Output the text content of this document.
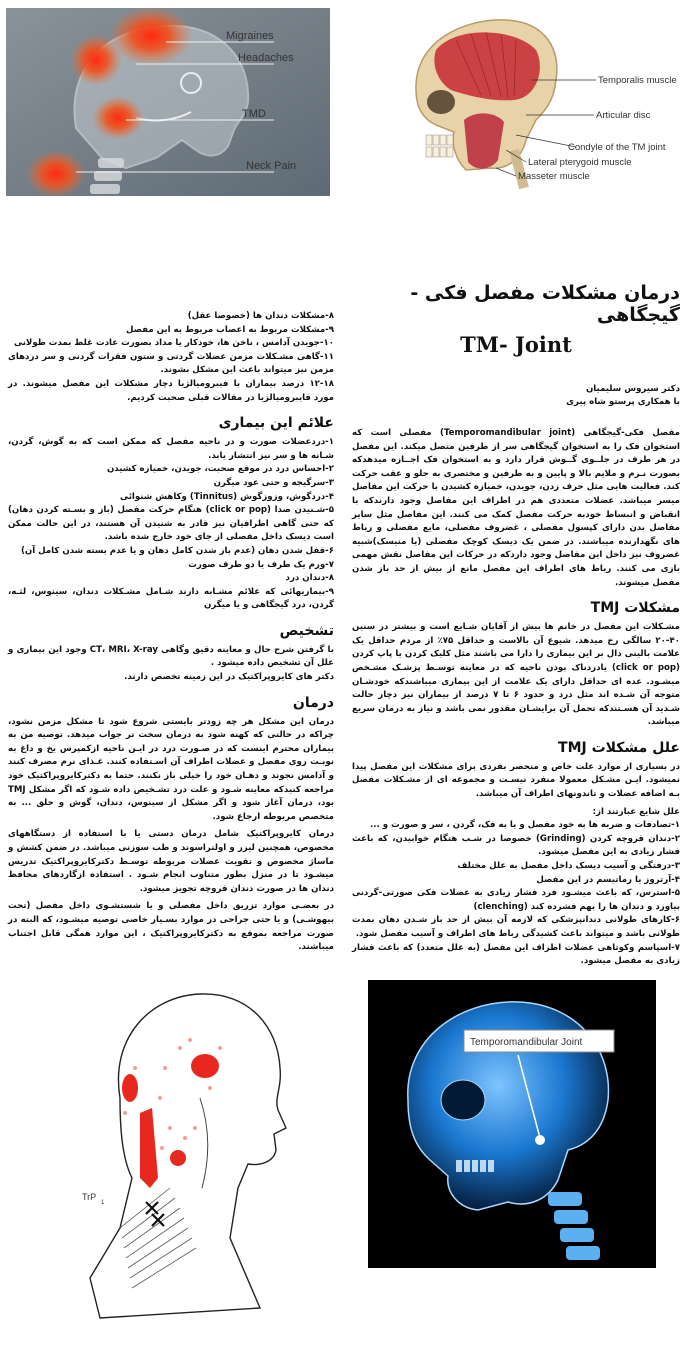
Migraines
Headaches
TMD
Neck Pain
Temporalis muscle
Articular disc
Condyle of the TM joint
Lateral pterygoid muscle
Masseter muscle
درمان مشکلات مفصل فکی - گیجگاهی
TM- Joint
دکتر سیروس سلیمیان
با همکاری پرستو شاه پیری

مفصل فکی-گیجگاهی (Temporomandibular joint) مفصلی است که استخوان فک را به استخوان گیجگاهی سر از طرفین متصل میکند. این مفصل در هر طرف در جلــوی گــوش قرار دارد و به استخوان فک اجــازه میدهدکه بصورت نـرم و ملایم بالا و پایین و به طرفین و مختصری به جلو و عقب حرکت کند. فعالیت هایی مثل حرف زدن، جویدن، خمیازه کشیدن با حرکت این مفاصل میسر میباشد. عضلات متعددی هم در اطراف این مفاصل وجود دارندکه با انقباض و انبساط خودبه حرکت مفصل کمک می کنند. این مفاصل مثل سایر مفاصل بدن دارای کپسول مفصلی ، غضروف مفصلی، مایع مفصلی و رباط های نگهدارنده میباشند. در ضمن یک دیسک کوچک مفصلی (یا منیسک)شبیه غضروف نیز داخل این مفاصل وجود داردکه در حرکات این مفاصل نقش مهمی بازی می کنند. رباط های اطراف این مفصل مانع از بیش از حد باز شدن مفصل میشوند.

مشکلات TMJ

مشـکلات این مفصل در خانم ها بیش از آقایان شـایع است و بیشتر در سنین ۴۰-۲۰ سالگی رخ میدهد. شیوع آن بالاست و حداقل ۷۵٪ از مردم حداقل یک علامت بالینی دال بر این بیماری را دارا می باشند مثل کلیک کردن یا پاپ کردن (click or pop) یادردناک بودن ناحیه که در معاینه توسـط پزشـک مشـخص میشـود. عده ای حداقل دارای یک علامت از این بیماری میباشندکه خودشـان متوجه آن شـده اند مثل درد و حدود ۶ تا ۷ درصد از بیماران نیز دچار حالت شـدید آن هسـتندکه تحمل آن برایشـان مقدور نمی باشد و نیاز به درمان سریع میباشد.

علل مشکلات TMJ

در بسیاری از موارد علت خاص و منحصر بفردی برای مشکلات این مفصل پیدا نمیشود. ایـن مشـکل معمولا منفرد نیسـت و مجموعه ای از مشـکلات مفصل بـه اضافه عضلات و تاندونهای اطراف آن میباشد.

علل شایع عبارتند از:
۱-تصادفات و ضربه ها به خود مفصل و یا به فک، گردن ، سر و صورت و ...
۲-دندان قروچه کردن (Grinding) خصوصا در شـب هنگام خوابیدن، که باعث فشار زیادی به این مفصل میشود.
۳-درفتگی و آسیب دیسک داخل مفصل به علل مختلف
۴-آرتروز یا رماتیسم در این مفصل
۵-استرس، که باعث میشـود فرد فشار زیادی به عضلات فکی صورتی-گردنی بیاورد و دندان ها را بهم فشرده کند (clenching)
۶-کارهای طولانی دندانپزشکی که لازمه آن بیش از حد باز شـدن دهان بمدت طولانی باشد و میتواند باعث کشیدگی رباط های اطراف و آسیب مفصل شود.
۷-اسپاسم وکوتاهی عضلات اطراف این مفصل (به علل متعدد) که باعث فشار زیادی به مفصل میشود.
۸-مشکلات دندان ها (خصوصا عقل)
۹-مشکلات مربوط به اعصاب مربوط به این مفصل
۱۰-جویدن آدامس ، ناخن ها، خودکار یا مداد بصورت عادت غلط بمدت طولانی
۱۱-گاهی مشـکلات مزمن عضلات گردنی و ستون فقرات گردنی و سر دردهای مزمن نیز میتواند باعث این مشکل بشوند.
۱۲-۱۸ درصد بیماران با فیبرومیالژیا دچار مشکلات این مفصل میشوند. در مورد فایبرومیالژیا در مقالات قبلی صحبت کردیم.
علائم این بیماری
۱-دردعضلات صورت و در ناحیه مفصل که ممکن است که به گوش، گردن، شـانه ها و سر نیز انتشار یابد.
۲-احساس درد در موقع صحبت، جویدن، خمیازه کشیدن
۳-سرگیجه و حتی عود میگرن
۴-دردگوش، وزوزگوش (Tinnitus) وکاهش شنوائی
۵-شـنیدن صدا (click or pop) هنگام حرکت مفصل (باز و بسـته کردن دهان) که حتی گاهی اطرافیان نیز قادر به شنیدن آن هستند، در این حالت ممکن است دیسک داخل مفصلی از جای خود خارج شده باشد.
۶-قفل شدن دهان (عدم باز شدن کامل دهان و یا عدم بسته شدن کامل آن)
۷-ورم یک طرف یا دو طرف صورت
۸-دندان درد
۹-بیماریهائی که علائم مشـابه دارند شـامل مشـکلات دندان، سینوس، لثـه، گردن، درد گیجگاهی و یا میگرن
تشخیص
با گرفتن شرح حال و معاینه دقیق وگاهی CT، MRI، X-ray وجود این بیماری و علل آن تشخیص داده میشود .
دکتر های کایروپراکتیک در این زمینه تخصص دارند.
درمان

درمان این مشکل هر چه زودتر بایستی شروع شود تا مشکل مزمن نشود، چراکه در حالتی که کهنه شود به درمان سخت تر جواب میدهد. توصیه من به بیماران محترم اینست که در صـورت درد در ایـن ناحیه ازکمپرس یخ و داغ به نوبـت روی مفصل و عضلات اطراف آن اسـتفاده کنند. غـذای نرم مصرف کنند و آدامس نجوند و دهـان خود را خیلی باز نکنند. حتما به دکترکایروپراکتیک خود مراجعه کنیدکه معاینه شـود و علت درد تشـخیص داده شـود که اگر مشکل TMJ بود، درمان آغاز شود و اگر مشکل از سینوس، دندان، گوش و حلق ... به متخصص مربوطه ارجاع شود.

درمان کایروپراکتیک شامل درمان دستی یا با استفاده از دستگاههای مخصوص، همچنین لیزر و اولتراسوند و طب سوزنی میباشد. در ضمن کشش و ماساژ مخصوص و تقویت عضلات مربوطه توسـط دکترکایروپراکتیک تدریس میشـود تا در منزل بطور متناوب انجام شـود . استفاده ازگاردهای محافظ دندان ها در صورت دندان قروچه تجویز میشود.

در بعضـی موارد تزریق داخل مفصلی و یا شستشـوی داخل مفصل (تحت بیهوشـی) و یا حتی جراحی در موارد بسـیار خاصی توصیه میشـود، که البته در صورت مراجعه بموقع به دکترکایروپراکتیک ، این موارد همگی قابل اجتناب میباشند.

TrP
1
Temporomandibular Joint
